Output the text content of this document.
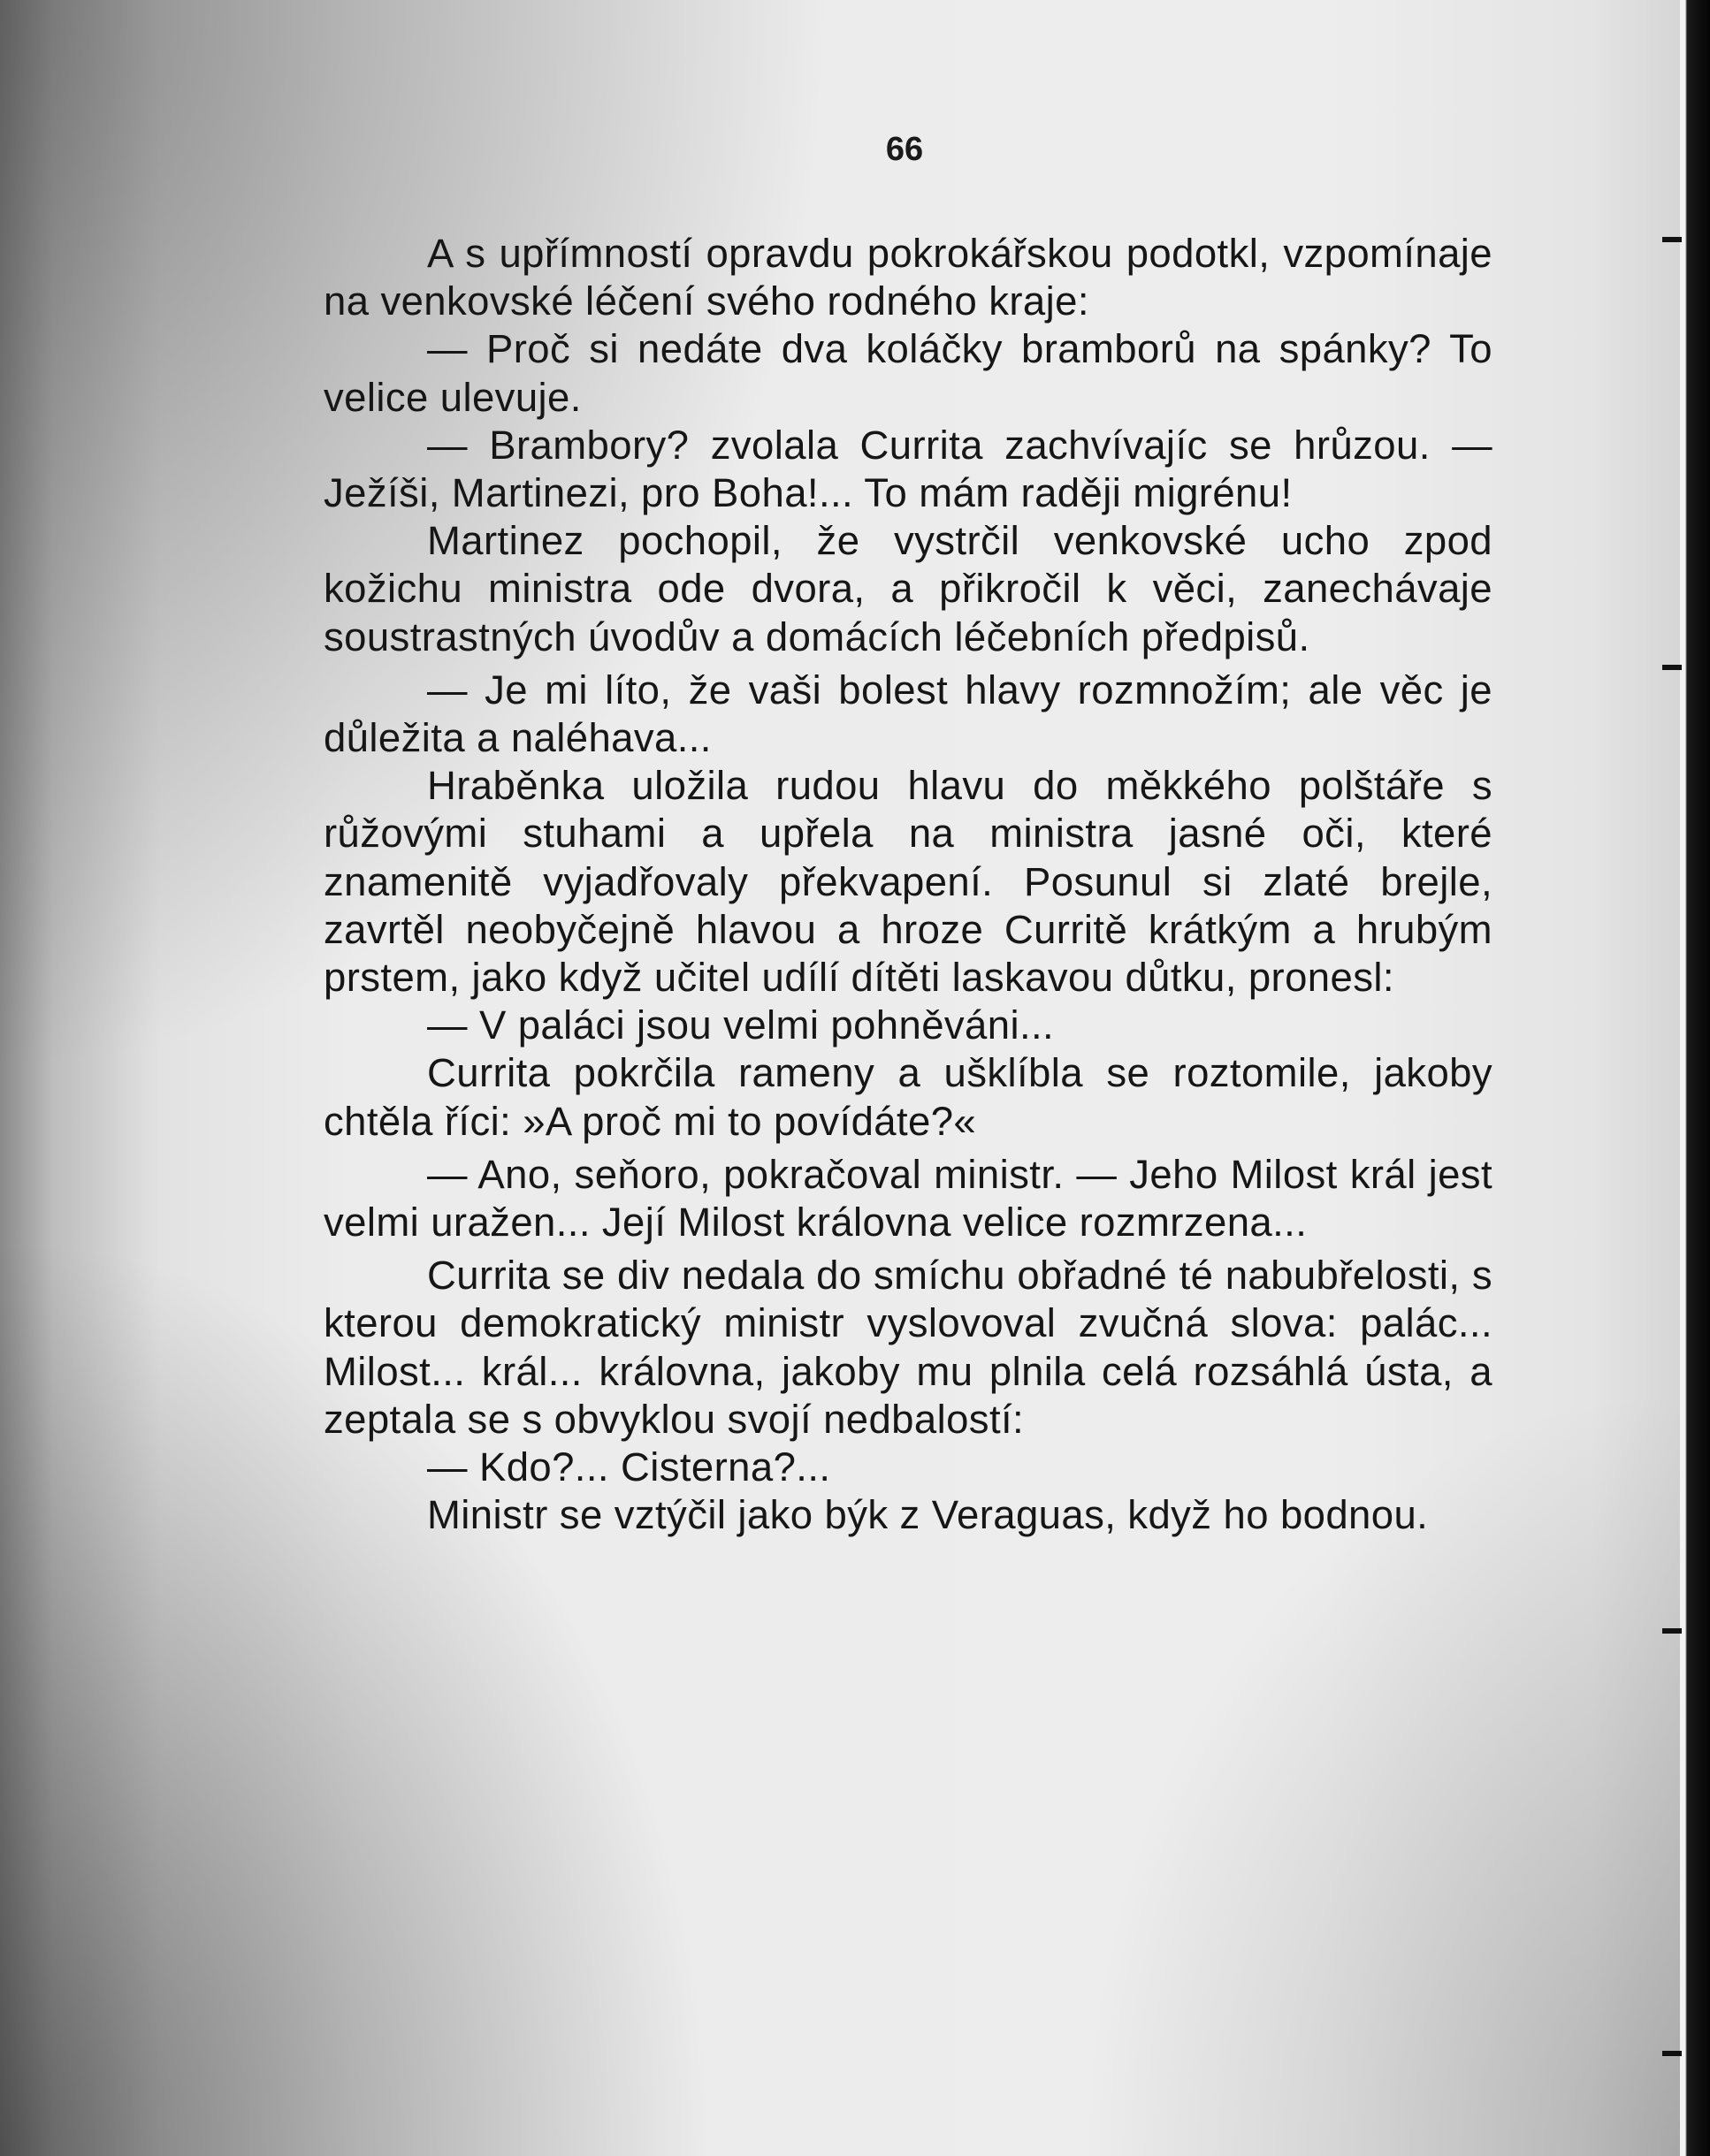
66

A s upřímností opravdu pokrokářskou podotkl, vzpomínaje na venkovské léčení svého rodného kraje:

— Proč si nedáte dva koláčky bramborů na spánky? To velice ulevuje.

— Brambory? zvolala Currita zachvívajíc se hrůzou. — Ježíši, Martinezi, pro Boha!... To mám raději migrénu!

Martinez pochopil, že vystrčil venkovské ucho zpod kožichu ministra ode dvora, a přikročil k věci, zanechávaje soustrastných úvodův a domácích léčebních předpisů.

— Je mi líto, že vaši bolest hlavy rozmnožím; ale věc je důležita a naléhava...

Hraběnka uložila rudou hlavu do měkkého polštáře s růžovými stuhami a upřela na ministra jasné oči, které znamenitě vyjadřovaly překvapení. Posunul si zlaté brejle, zavrtěl neobyčejně hlavou a hroze Curritě krátkým a hrubým prstem, jako když učitel udílí dítěti laskavou důtku, pronesl:

— V paláci jsou velmi pohněváni...

Currita pokrčila rameny a ušklíbla se roztomile, jakoby chtěla říci: »A proč mi to povídáte?«

— Ano, seňoro, pokračoval ministr. — Jeho Milost král jest velmi uražen... Její Milost královna velice rozmrzena...

Currita se div nedala do smíchu obřadné té nabubřelosti, s kterou demokratický ministr vyslovoval zvučná slova: palác... Milost... král... královna, jakoby mu plnila celá rozsáhlá ústa, a zeptala se s obvyklou svojí nedbalostí:

— Kdo?... Cisterna?...

Ministr se vztýčil jako býk z Veraguas, když ho bodnou.
